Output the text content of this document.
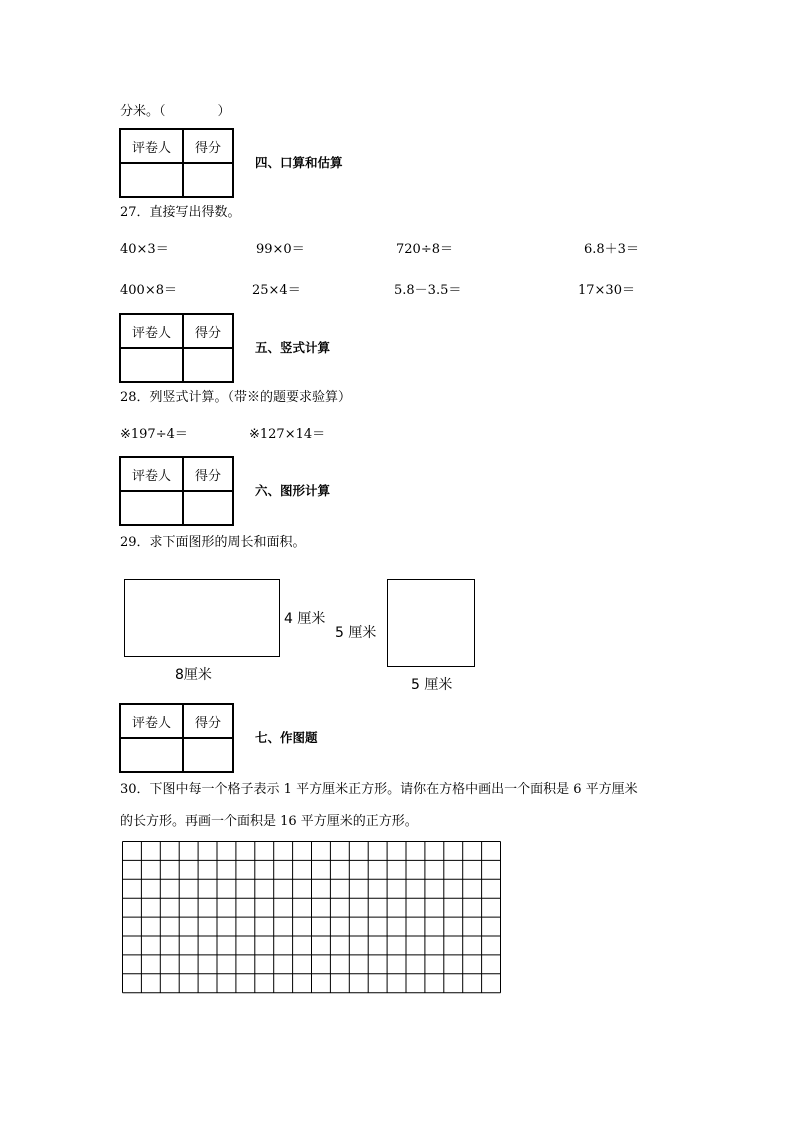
分米。（　　　　）
评卷人	得分

四、口算和估算
27．直接写出得数。
40×3＝	99×0＝	720÷8＝	6.8＋3＝
400×8＝	25×4＝	5.8－3.5＝	17×30＝
评卷人	得分

五、竖式计算
28．列竖式计算。（带※的题要求验算）
※197÷4＝	※127×14＝
评卷人	得分

六、图形计算
29．求下面图形的周长和面积。
4 厘米
8厘米
5 厘米
5 厘米
评卷人	得分

七、作图题
30．下图中每一个格子表示 1 平方厘米正方形。请你在方格中画出一个面积是 6 平方厘米
的长方形。再画一个面积是 16 平方厘米的正方形。
